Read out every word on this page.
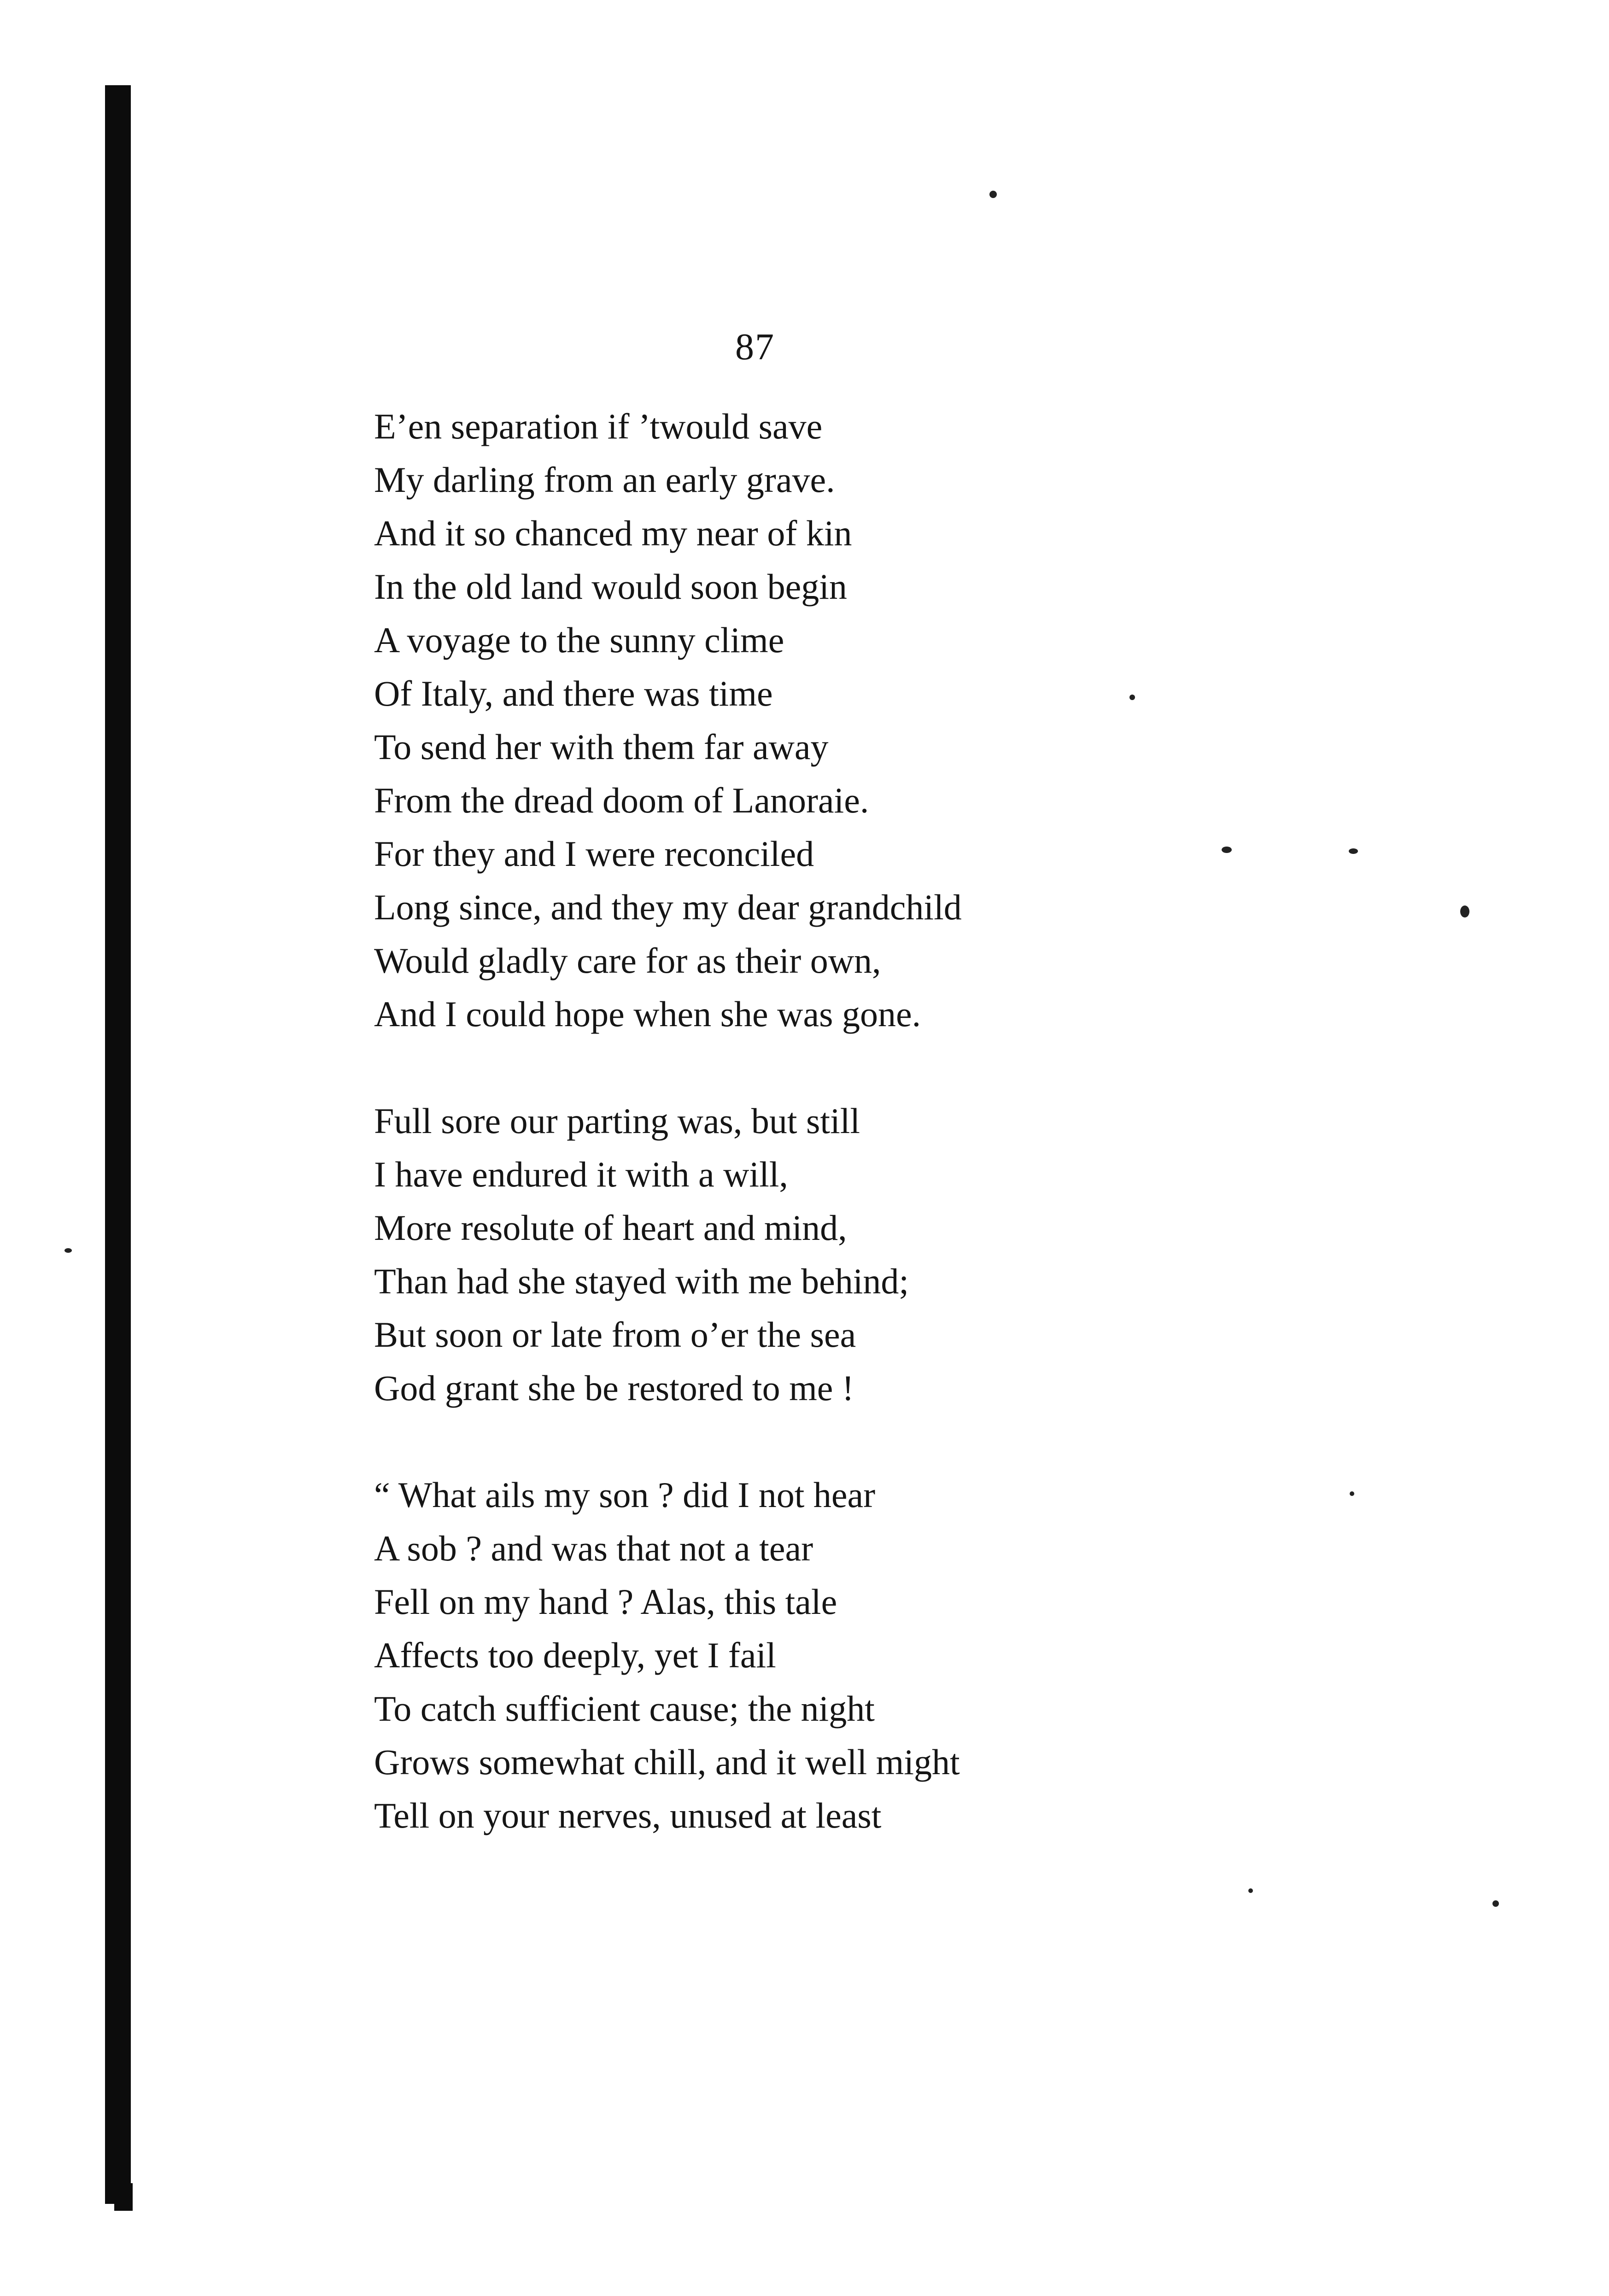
87
E’en separation if ’twould save
My darling from an early grave.
And it so chanced my near of kin
In the old land would soon begin
A voyage to the sunny clime
Of Italy, and there was time
To send her with them far away
From the dread doom of Lanoraie.
For they and I were reconciled
Long since, and they my dear grandchild
Would gladly care for as their own,
And I could hope when she was gone.
Full sore our parting was, but still
I have endured it with a will,
More resolute of heart and mind,
Than had she stayed with me behind;
But soon or late from o’er the sea
God grant she be restored to me !
“ What ails my son ? did I not hear
A sob ? and was that not a tear
Fell on my hand ? Alas, this tale
Affects too deeply, yet I fail
To catch sufficient cause; the night
Grows somewhat chill, and it well might
Tell on your nerves, unused at least
